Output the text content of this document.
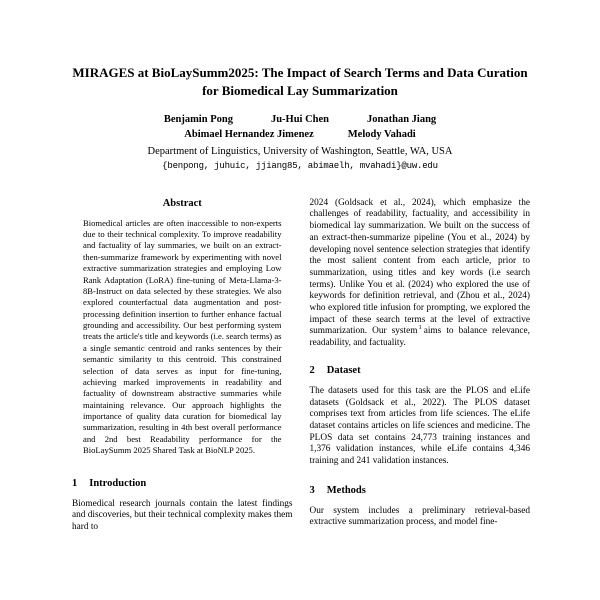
MIRAGES at BioLaySumm2025: The Impact of Search Terms and Data Curation for Biomedical Lay Summarization
Benjamin Pong	Ju-Hui Chen	Jonathan Jiang
Abimael Hernandez Jimenez	Melody Vahadi
Department of Linguistics, University of Washington, Seattle, WA, USA
{benpong, juhuic, jjiang85, abimaelh, mvahadi}@uw.edu
Abstract

Biomedical articles are often inaccessible to non-experts due to their technical complexity. To improve readability and factuality of lay summaries, we built on an extract-then-summarize framework by experimenting with novel extractive summarization strategies and employing Low Rank Adaptation (LoRA) fine-tuning of Meta-Llama-3-8B-Instruct on data selected by these strategies. We also explored counterfactual data augmentation and post-processing definition insertion to further enhance factual grounding and accessibility. Our best performing system treats the article's title and keywords (i.e. search terms) as a single semantic centroid and ranks sentences by their semantic similarity to this centroid. This constrained selection of data serves as input for fine-tuning, achieving marked improvements in readability and factuality of downstream abstractive summaries while maintaining relevance. Our approach highlights the importance of quality data curation for biomedical lay summarization, resulting in 4th best overall performance and 2nd best Readability performance for the BioLaySumm 2025 Shared Task at BioNLP 2025.

1 Introduction

Biomedical research journals contain the latest findings and discoveries, but their technical complexity makes them hard to

2024 (Goldsack et al., 2024), which emphasize the challenges of readability, factuality, and accessibility in biomedical lay summarization. We built on the success of an extract-then-summarize pipeline (You et al., 2024) by developing novel sentence selection strategies that identify the most salient content from each article, prior to summarization, using titles and key words (i.e search terms). Unlike You et al. (2024) who explored the use of keywords for definition retrieval, and (Zhou et al., 2024) who explored title infusion for prompting, we explored the impact of these search terms at the level of extractive summarization. Our system$^1$ aims to balance relevance, readability, and factuality.

2 Dataset

The datasets used for this task are the PLOS and eLife datasets (Goldsack et al., 2022). The PLOS dataset comprises text from articles from life sciences. The eLife dataset contains articles on life sciences and medicine. The PLOS data set contains 24,773 training instances and 1,376 validation instances, while eLife contains 4,346 training and 241 validation instances.

3 Methods

Our system includes a preliminary retrieval-based extractive summarization process, and model fine-
